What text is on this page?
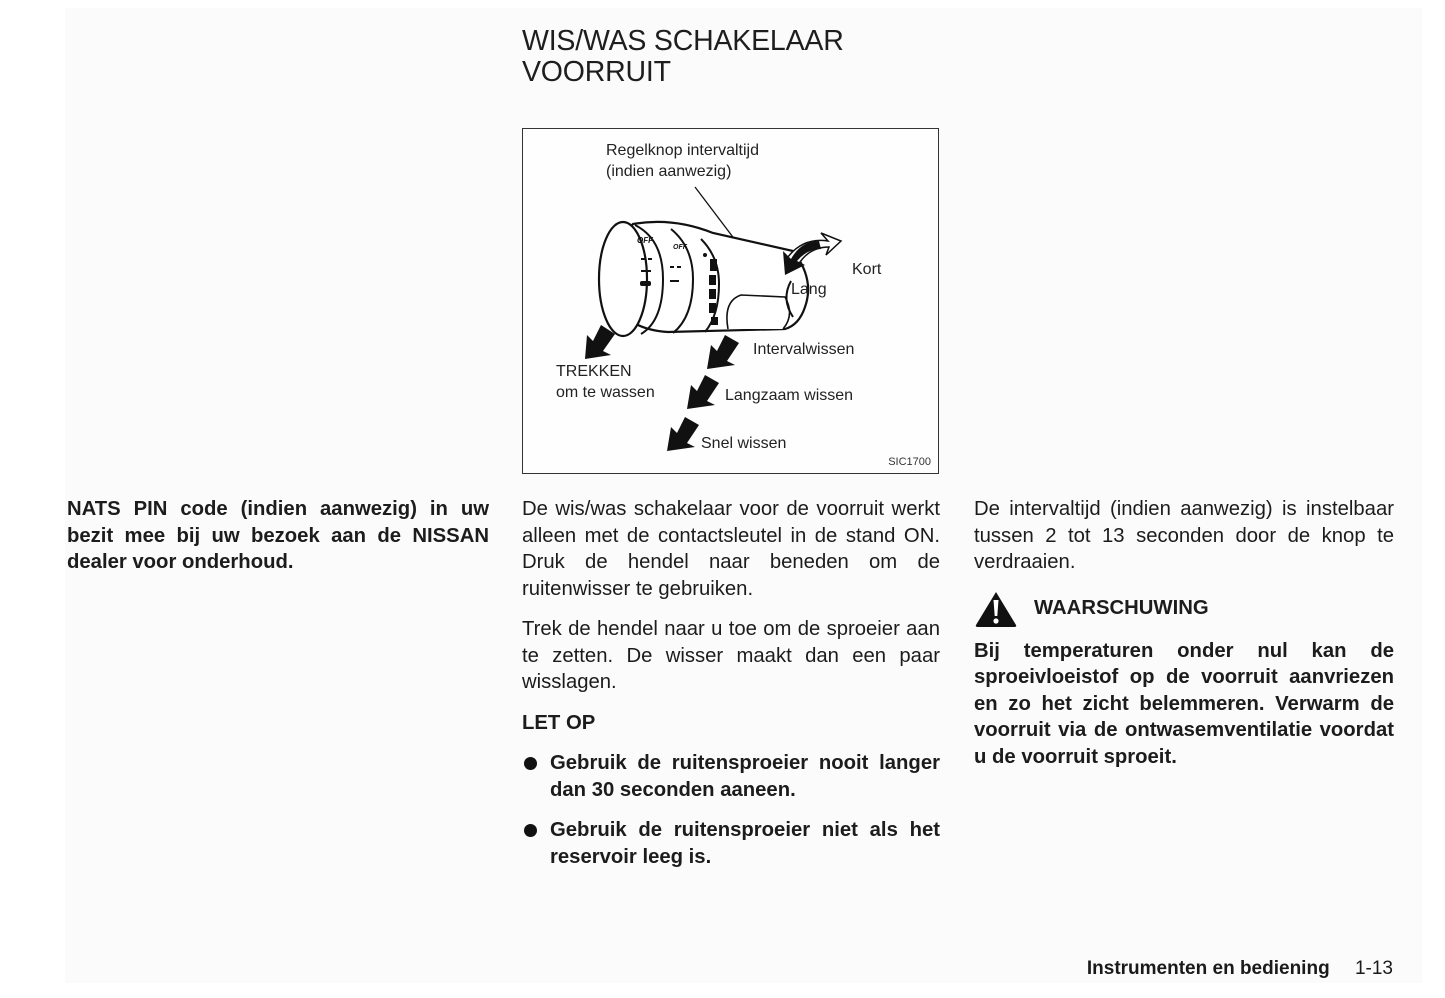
WIS/WAS SCHAKELAAR
VOORRUIT
OFF
OFF
Regelknop intervaltijd
(indien aanwezig)
Kort
Lang
TREKKEN
om te wassen
Intervalwissen
Langzaam wissen
Snel wissen
SIC1700

NATS PIN code (indien aanwezig) in uw bezit mee bij uw bezoek aan de NISSAN dealer voor onderhoud.

De wis/was schakelaar voor de voorruit werkt alleen met de contactsleutel in de stand ON. Druk de hendel naar beneden om de ruitenwisser te gebruiken.

Trek de hendel naar u toe om de sproeier aan te zetten. De wisser maakt dan een paar wisslagen.

LET OP

Gebruik de ruitensproeier nooit langer dan 30 seconden aaneen.

Gebruik de ruitensproeier niet als het reservoir leeg is.

De intervaltijd (indien aanwezig) is instelbaar tussen 2 tot 13 seconden door de knop te verdraaien.

WAARSCHUWING

Bij temperaturen onder nul kan de sproeivloeistof op de voorruit aanvriezen en zo het zicht belemmeren. Verwarm de voorruit via de ontwasemventilatie voordat u de voorruit sproeit.

Instrumenten en bediening 1-13
